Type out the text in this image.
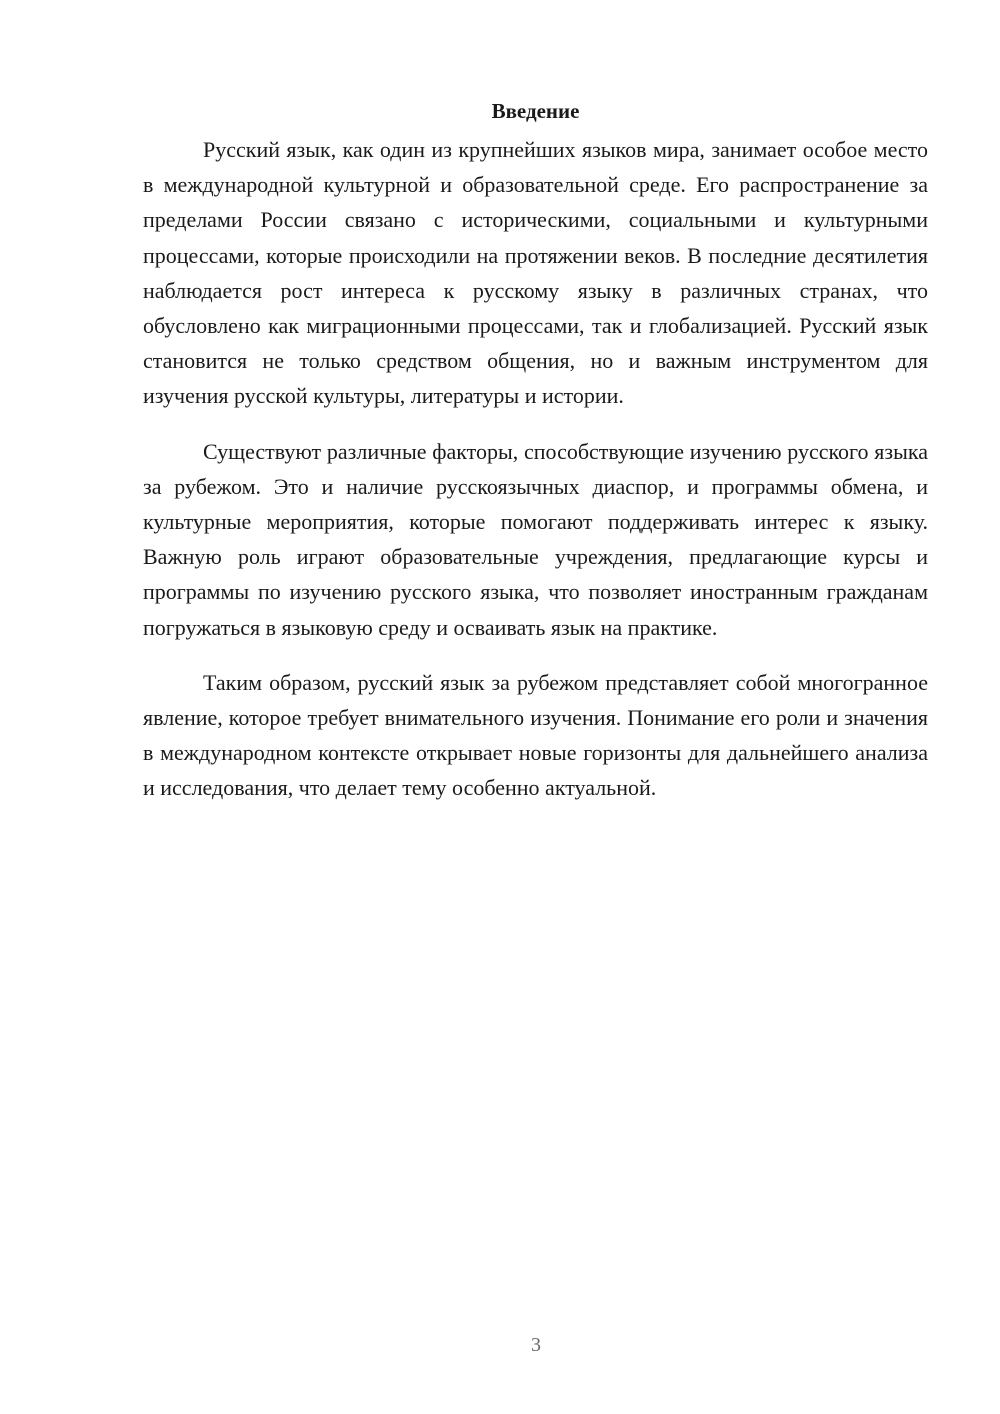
Введение

Русский язык, как один из крупнейших языков мира, занимает особое место в международной культурной и образовательной среде. Его распространение за пределами России связано с историческими, социальными и культурными процессами, которые происходили на протяжении веков. В последние десятилетия наблюдается рост интереса к русскому языку в различных странах, что обусловлено как миграционными процессами, так и глобализацией. Русский язык становится не только средством общения, но и важным инструментом для изучения русской культуры, литературы и истории.

Существуют различные факторы, способствующие изучению русского языка за рубежом. Это и наличие русскоязычных диаспор, и программы обмена, и культурные мероприятия, которые помогают поддерживать интерес к языку. Важную роль играют образовательные учреждения, предлагающие курсы и программы по изучению русского языка, что позволяет иностранным гражданам погружаться в языковую среду и осваивать язык на практике.

Таким образом, русский язык за рубежом представляет собой многогранное явление, которое требует внимательного изучения. Понимание его роли и значения в международном контексте открывает новые горизонты для дальнейшего анализа и исследования, что делает тему особенно актуальной.

3
